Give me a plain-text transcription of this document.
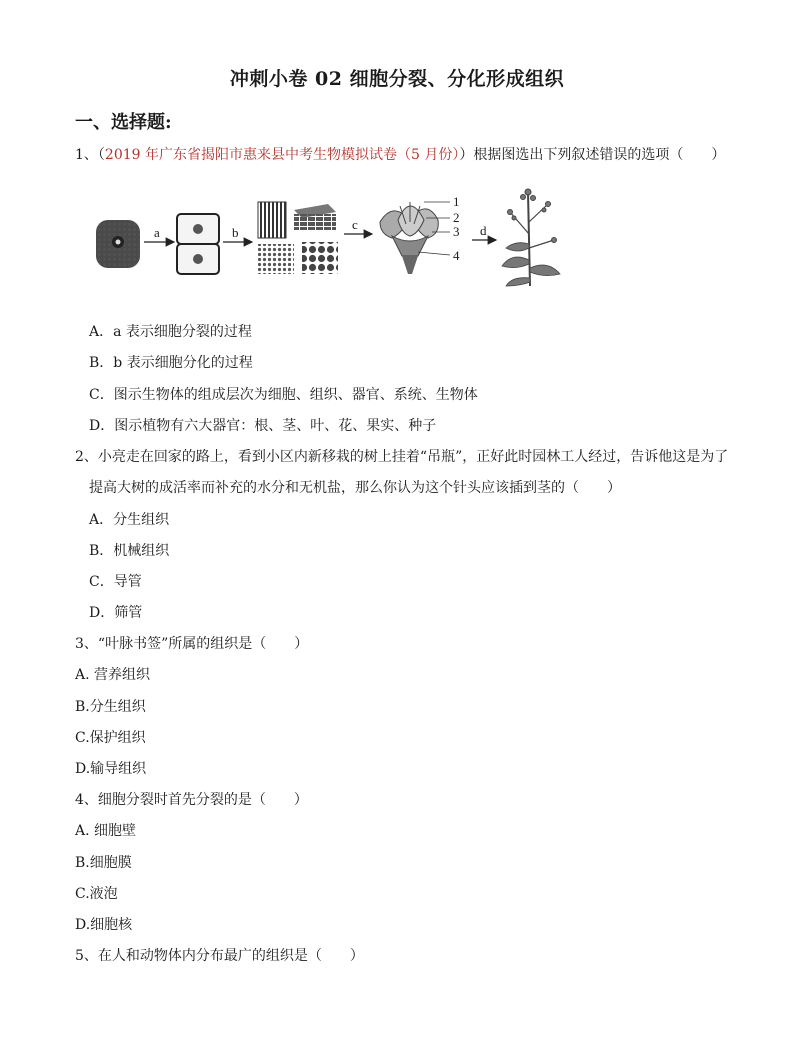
冲刺小卷 02 细胞分裂、分化形成组织
一、选择题:
1、（2019 年广东省揭阳市惠来县中考生物模拟试卷（5 月份））根据图选出下列叙述错误的选项（　　）
a	b
c
1
2
3
4
d
A．a 表示细胞分裂的过程
B．b 表示细胞分化的过程
C．图示生物体的组成层次为细胞、组织、器官、系统、生物体
D．图示植物有六大器官：根、茎、叶、花、果实、种子
2、小亮走在回家的路上，看到小区内新移栽的树上挂着“吊瓶”，正好此时园林工人经过，告诉他这是为了
提高大树的成活率而补充的水分和无机盐，那么你认为这个针头应该插到茎的（　　）
A．分生组织
B．机械组织
C．导管
D．筛管
3、“叶脉书签”所属的组织是（　　）
A. 营养组织
B.分生组织
C.保护组织
D.输导组织
4、细胞分裂时首先分裂的是（　　）
A. 细胞壁
B.细胞膜
C.液泡
D.细胞核
5、在人和动物体内分布最广的组织是（　　）
